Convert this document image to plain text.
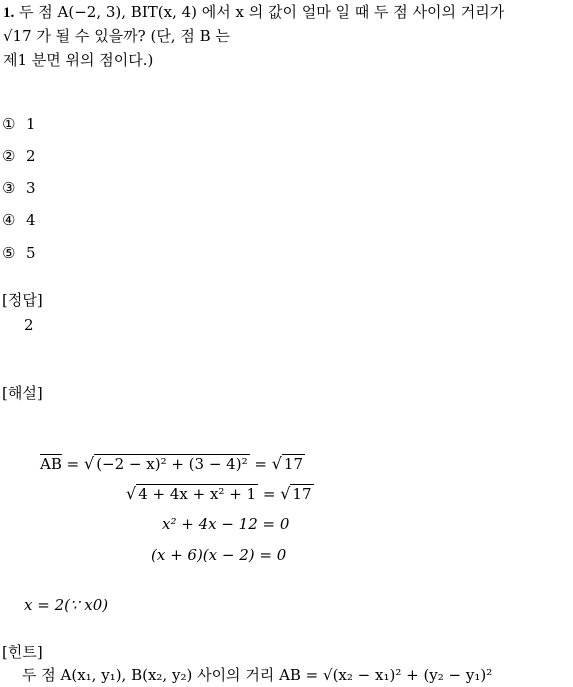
1. 두 점 A(−2, 3), BIT(x, 4) 에서 x 의 값이 얼마 일 때 두 점 사이의 거리가
√17 가 될 수 있을까? (단, 점 B 는
제1 분면 위의 점이다.)
① 1
② 2
③ 3
④ 4
⑤ 5
[정답]
2
[해설]
$\overline{AB}$ = √ (−2 − x)² + (3 − 4)² = √ 17
√ 4 + 4x + x² + 1 = √ 17
x² + 4x − 12 = 0
(x + 6)(x − 2) = 0
x = 2(∵ x0)
[힌트]
두 점 A(x₁, y₁), B(x₂, y₂) 사이의 거리 AB = √(x₂ − x₁)² + (y₂ − y₁)²
